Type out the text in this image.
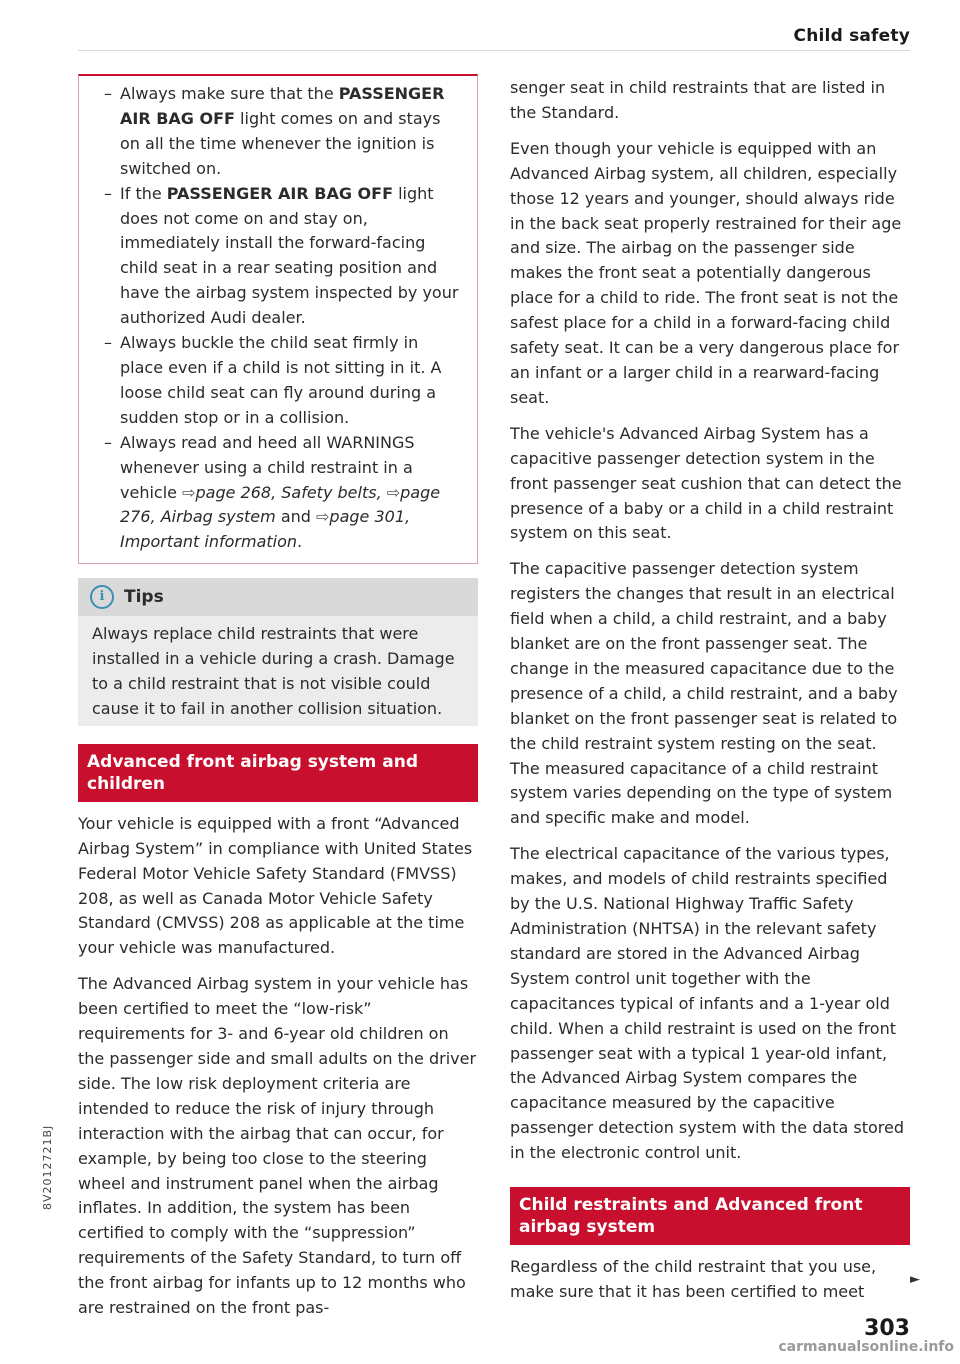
Child safety
– Always make sure that the PASSENGER AIR BAG OFF light comes on and stays on all the time whenever the ignition is switched on.
– If the PASSENGER AIR BAG OFF light does not come on and stay on, immediately install the forward-facing child seat in a rear seating position and have the airbag system inspected by your authorized Audi dealer.
– Always buckle the child seat firmly in place even if a child is not sitting in it. A loose child seat can fly around during a sudden stop or in a collision.
– Always read and heed all WARNINGS whenever using a child restraint in a vehicle ⇨page 268, Safety belts, ⇨page 276, Airbag system and ⇨page 301, Important information.
i	Tips
Always replace child restraints that were installed in a vehicle during a crash. Damage to a child restraint that is not visible could cause it to fail in another collision situation.
Advanced front airbag system and children

Your vehicle is equipped with a front “Advanced Airbag System” in compliance with United States Federal Motor Vehicle Safety Standard (FMVSS) 208, as well as Canada Motor Vehicle Safety Standard (CMVSS) 208 as applicable at the time your vehicle was manufactured.

The Advanced Airbag system in your vehicle has been certified to meet the “low-risk” requirements for 3- and 6-year old children on the passenger side and small adults on the driver side. The low risk deployment criteria are intended to reduce the risk of injury through interaction with the airbag that can occur, for example, by being too close to the steering wheel and instrument panel when the airbag inflates. In addition, the system has been certified to comply with the “suppression” requirements of the Safety Standard, to turn off the front airbag for infants up to 12 months who are restrained on the front pas-

senger seat in child restraints that are listed in the Standard.

Even though your vehicle is equipped with an Advanced Airbag system, all children, especially those 12 years and younger, should always ride in the back seat properly restrained for their age and size. The airbag on the passenger side makes the front seat a potentially dangerous place for a child to ride. The front seat is not the safest place for a child in a forward-facing child safety seat. It can be a very dangerous place for an infant or a larger child in a rearward-facing seat.

The vehicle's Advanced Airbag System has a capacitive passenger detection system in the front passenger seat cushion that can detect the presence of a baby or a child in a child restraint system on this seat.

The capacitive passenger detection system registers the changes that result in an electrical field when a child, a child restraint, and a baby blanket are on the front passenger seat. The change in the measured capacitance due to the presence of a child, a child restraint, and a baby blanket on the front passenger seat is related to the child restraint system resting on the seat. The measured capacitance of a child restraint system varies depending on the type of system and specific make and model.

The electrical capacitance of the various types, makes, and models of child restraints specified by the U.S. National Highway Traffic Safety Administration (NHTSA) in the relevant safety standard are stored in the Advanced Airbag System control unit together with the capacitances typical of infants and a 1-year old child. When a child restraint is used on the front passenger seat with a typical 1 year-old infant, the Advanced Airbag System compares the capacitance measured by the capacitive passenger detection system with the data stored in the electronic control unit.

Child restraints and Advanced front airbag system

Regardless of the child restraint that you use, make sure that it has been certified to meet

►
303
8V2012721BJ
carmanualsonline.info
